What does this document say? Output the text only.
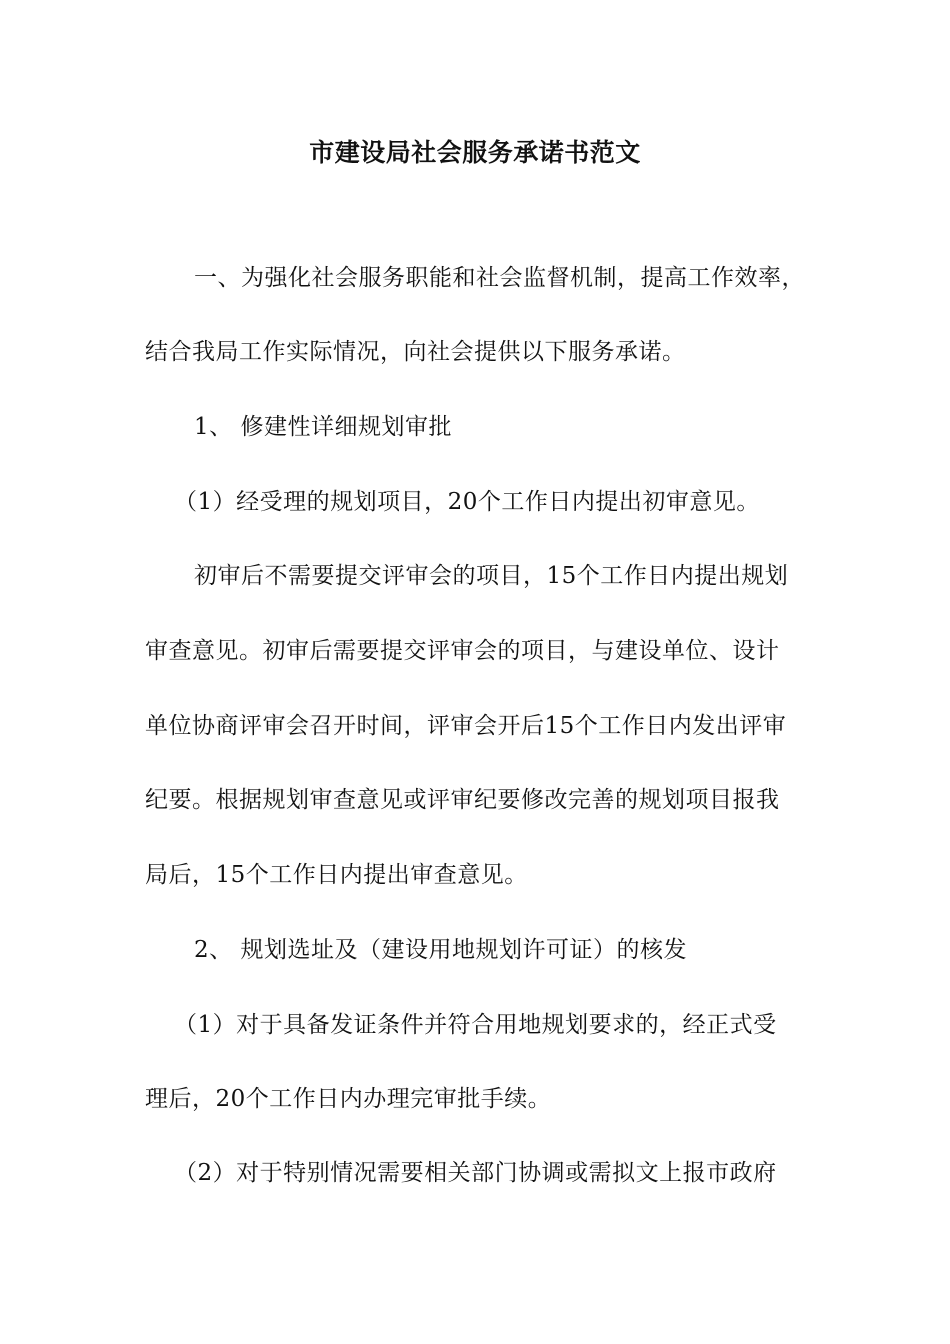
市建设局社会服务承诺书范文
一、为强化社会服务职能和社会监督机制，提高工作效率，
结合我局工作实际情况，向社会提供以下服务承诺。
1、 修建性详细规划审批
（1）经受理的规划项目，20个工作日内提出初审意见。
初审后不需要提交评审会的项目，15个工作日内提出规划
审查意见。初审后需要提交评审会的项目，与建设单位、设计
单位协商评审会召开时间，评审会开后15个工作日内发出评审
纪要。根据规划审查意见或评审纪要修改完善的规划项目报我
局后，15个工作日内提出审查意见。
2、 规划选址及（建设用地规划许可证）的核发
（1）对于具备发证条件并符合用地规划要求的，经正式受
理后，20个工作日内办理完审批手续。
（2）对于特别情况需要相关部门协调或需拟文上报市政府
